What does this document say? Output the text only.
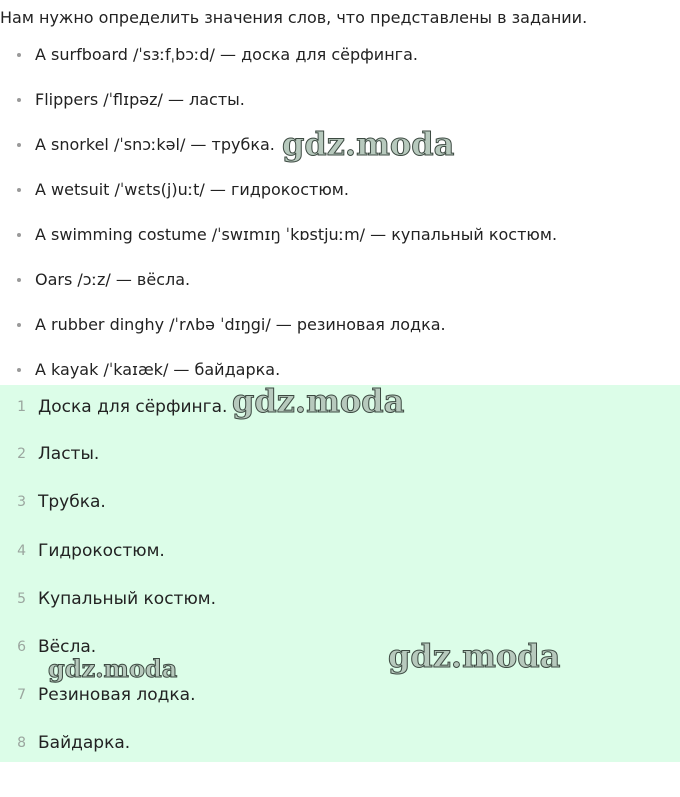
Нам нужно определить значения слов, что представлены в задании.
A surfboard /ˈsɜːfˌbɔːd/ — доска для сёрфинга.
Flippers /ˈflɪpəz/ — ласты.
A snorkel /ˈsnɔːkəl/ — трубка.
A wetsuit /ˈwɛts(j)uːt/ — гидрокостюм.
A swimming costume /ˈswɪmɪŋ ˈkɒstjuːm/ — купальный костюм.
Oars /ɔːz/ — вёсла.
A rubber dinghy /ˈrʌbə ˈdɪŋgi/ — резиновая лодка.
A kayak /ˈkaɪæk/ — байдарка.
1 Доска для сёрфинга.
2 Ласты.
3 Трубка.
4 Гидрокостюм.
5 Купальный костюм.
6 Вёсла.
7 Резиновая лодка.
8 Байдарка.
gdz.moda
gdz.moda
gdz.moda
gdz.moda
